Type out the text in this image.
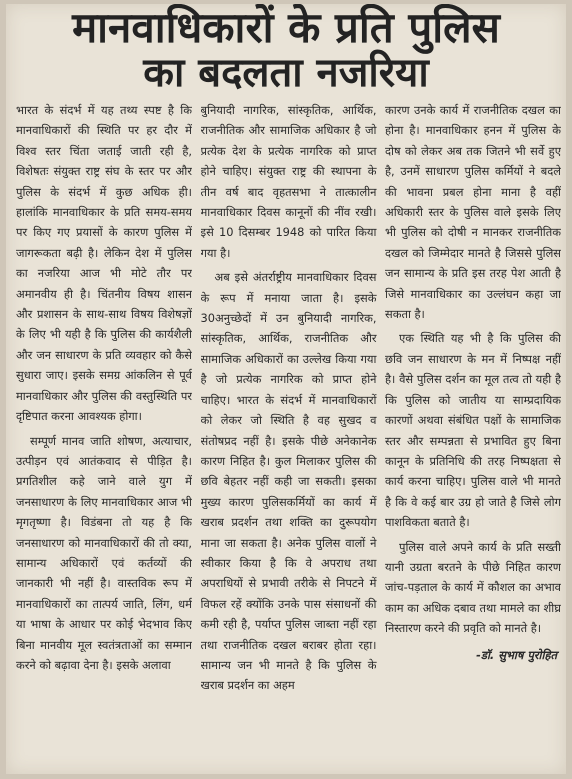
मानवाधिकारों के प्रति पुलिस
का बदलता नजरिया

भारत के संदर्भ में यह तथ्य स्पष्ट है कि मानवाधिकारों की स्थिति पर हर दौर में विश्व स्तर चिंता जताई जाती रही है, विशेषतः संयुक्त राष्ट्र संघ के स्तर पर और पुलिस के संदर्भ में कुछ अधिक ही। हालांकि मानवाधिकार के प्रति समय-समय पर किए गए प्रयासों के कारण पुलिस में जागरूकता बढ़ी है। लेकिन देश में पुलिस का नजरिया आज भी मोटे तौर पर अमानवीय ही है। चिंतनीय विषय शासन और प्रशासन के साथ-साथ विषय विशेषज्ञों के लिए भी यही है कि पुलिस की कार्यशैली और जन साधारण के प्रति व्यवहार को कैसे सुधारा जाए। इसके समग्र आंकलिन से पूर्व मानवाधिकार और पुलिस की वस्तुस्थिति पर दृष्टिपात करना आवश्यक होगा।

सम्पूर्ण मानव जाति शोषण, अत्याचार, उत्पीड़न एवं आतंकवाद से पीड़ित है। प्रगतिशील कहे जाने वाले युग में जनसाधारण के लिए मानवाधिकार आज भी मृगतृष्णा है। विडंबना तो यह है कि जनसाधारण को मानवाधिकारों की तो क्या, सामान्य अधिकारों एवं कर्तव्यों की जानकारी भी नहीं है। वास्तविक रूप में मानवाधिकारों का तात्पर्य जाति, लिंग, धर्म या भाषा के आधार पर कोई भेदभाव किए बिना मानवीय मूल स्वतंत्रताओं का सम्मान करने को बढ़ावा देना है। इसके अलावा

बुनियादी नागरिक, सांस्कृतिक, आर्थिक, राजनीतिक और सामाजिक अधिकार है जो प्रत्येक देश के प्रत्येक नागरिक को प्राप्त होने चाहिए। संयुक्त राष्ट्र की स्थापना के तीन वर्ष बाद वृहतसभा ने तात्कालीन मानवाधिकार दिवस कानूनों की नींव रखी। इसे 10 दिसम्बर 1948 को पारित किया गया है।

अब इसे अंतर्राष्ट्रीय मानवाधिकार दिवस के रूप में मनाया जाता है। इसके 30अनुच्छेदों में उन बुनियादी नागरिक, सांस्कृतिक, आर्थिक, राजनीतिक और सामाजिक अधिकारों का उल्लेख किया गया है जो प्रत्येक नागरिक को प्राप्त होने चाहिए। भारत के संदर्भ में मानवाधिकारों को लेकर जो स्थिति है वह सुखद व संतोषप्रद नहीं है। इसके पीछे अनेकानेक कारण निहित है। कुल मिलाकर पुलिस की छवि बेहतर नहीं कही जा सकती। इसका मुख्य कारण पुलिसकर्मियों का कार्य में खराब प्रदर्शन तथा शक्ति का दुरूपयोग माना जा सकता है। अनेक पुलिस वालों ने स्वीकार किया है कि वे अपराध तथा अपराधियों से प्रभावी तरीके से निपटने में विफल रहें क्योंकि उनके पास संसाधनों की कमी रही है, पर्याप्त पुलिस जाब्ता नहीं रहा तथा राजनीतिक दखल बराबर होता रहा। सामान्य जन भी मानते है कि पुलिस के खराब प्रदर्शन का अहम

कारण उनके कार्य में राजनीतिक दखल का होना है। मानवाधिकार हनन में पुलिस के दोष को लेकर अब तक जितने भी सर्वे हुए है, उनमें साधारण पुलिस कर्मियों ने बदले की भावना प्रबल होना माना है वहीं अधिकारी स्तर के पुलिस वाले इसके लिए भी पुलिस को दोषी न मानकर राजनीतिक दखल को जिम्मेदार मानते है जिससे पुलिस जन सामान्य के प्रति इस तरह पेश आती है जिसे मानवाधिकार का उल्लंघन कहा जा सकता है।

एक स्थिति यह भी है कि पुलिस की छवि जन साधारण के मन में निष्पक्ष नहीं है। वैसे पुलिस दर्शन का मूल तत्व तो यही है कि पुलिस को जातीय या साम्प्रदायिक कारणों अथवा संबंधित पक्षों के सामाजिक स्तर और सम्पन्नता से प्रभावित हुए बिना कानून के प्रतिनिधि की तरह निष्पक्षता से कार्य करना चाहिए। पुलिस वाले भी मानते है कि वे कई बार उग्र हो जाते है जिसे लोग पाशविकता बताते है।

पुलिस वाले अपने कार्य के प्रति सख्ती यानी उग्रता बरतने के पीछे निहित कारण जांच-पड़ताल के कार्य में कौशल का अभाव काम का अधिक दबाव तथा मामले का शीघ्र निस्तारण करने की प्रवृति को मानते है।

-डॉ. सुभाष पुरोहित
